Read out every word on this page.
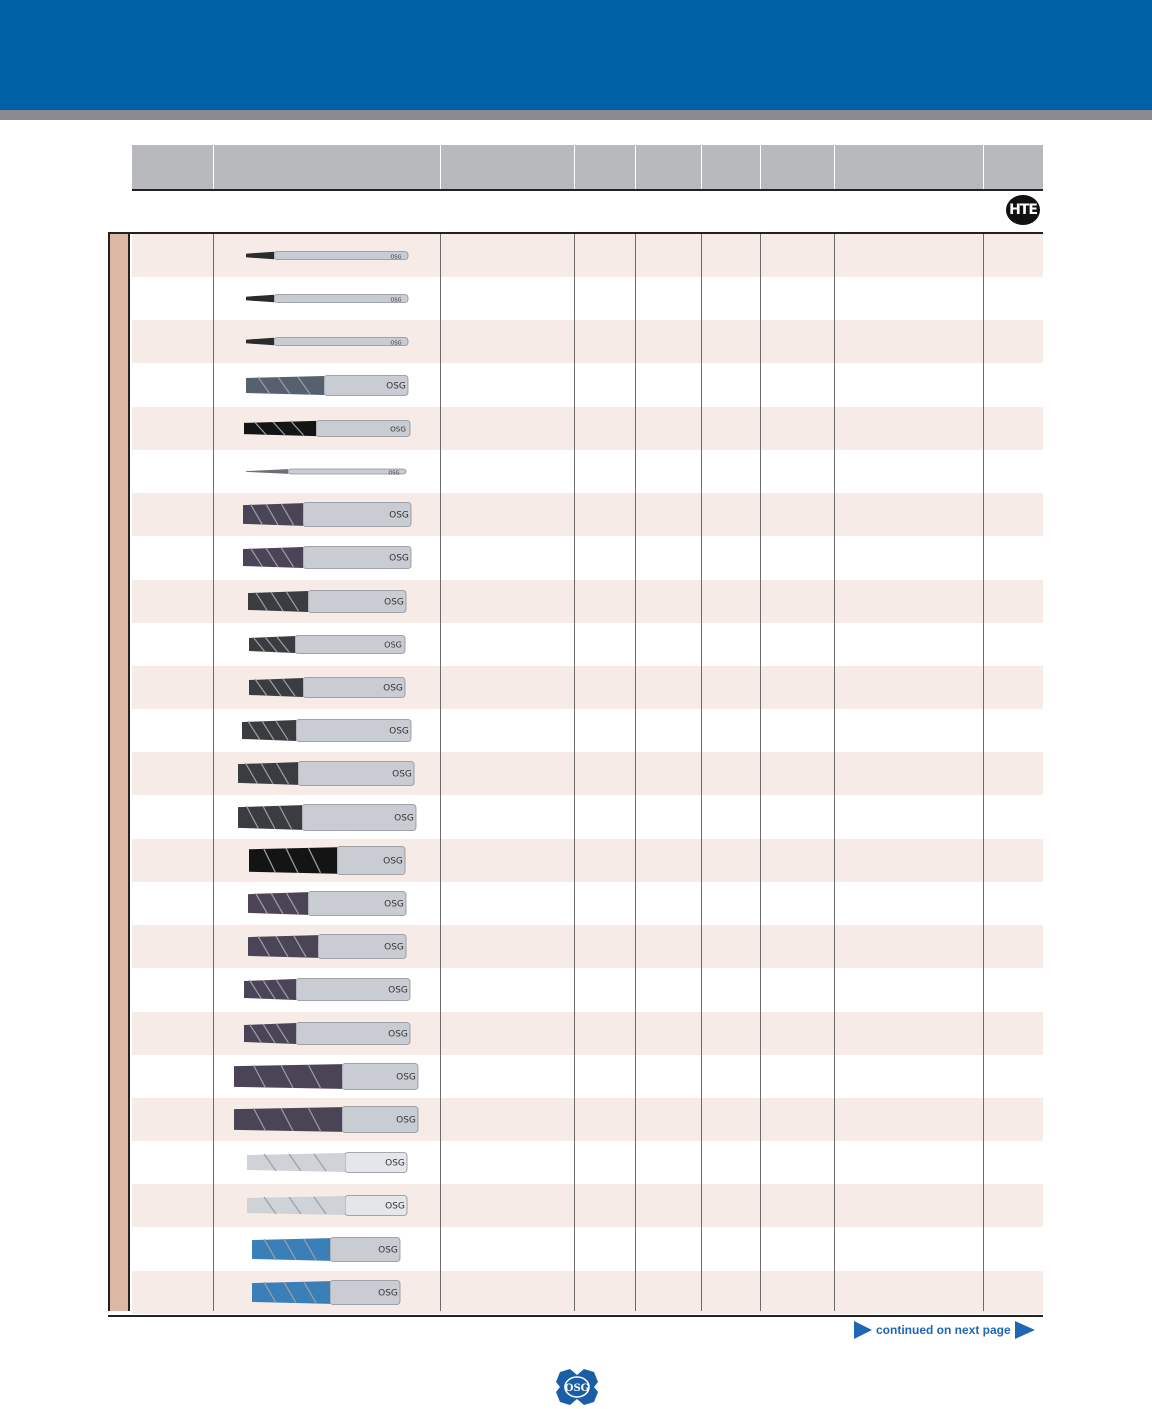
HTE
OSG
OSG
OSG
OSG
OSG
OSG
OSG
OSG
OSG
OSG
OSG
OSG
OSG
OSG
OSG
OSG
OSG
OSG
OSG
OSG
OSG
OSG
OSG
OSG
OSG
continued on next page
OSG
